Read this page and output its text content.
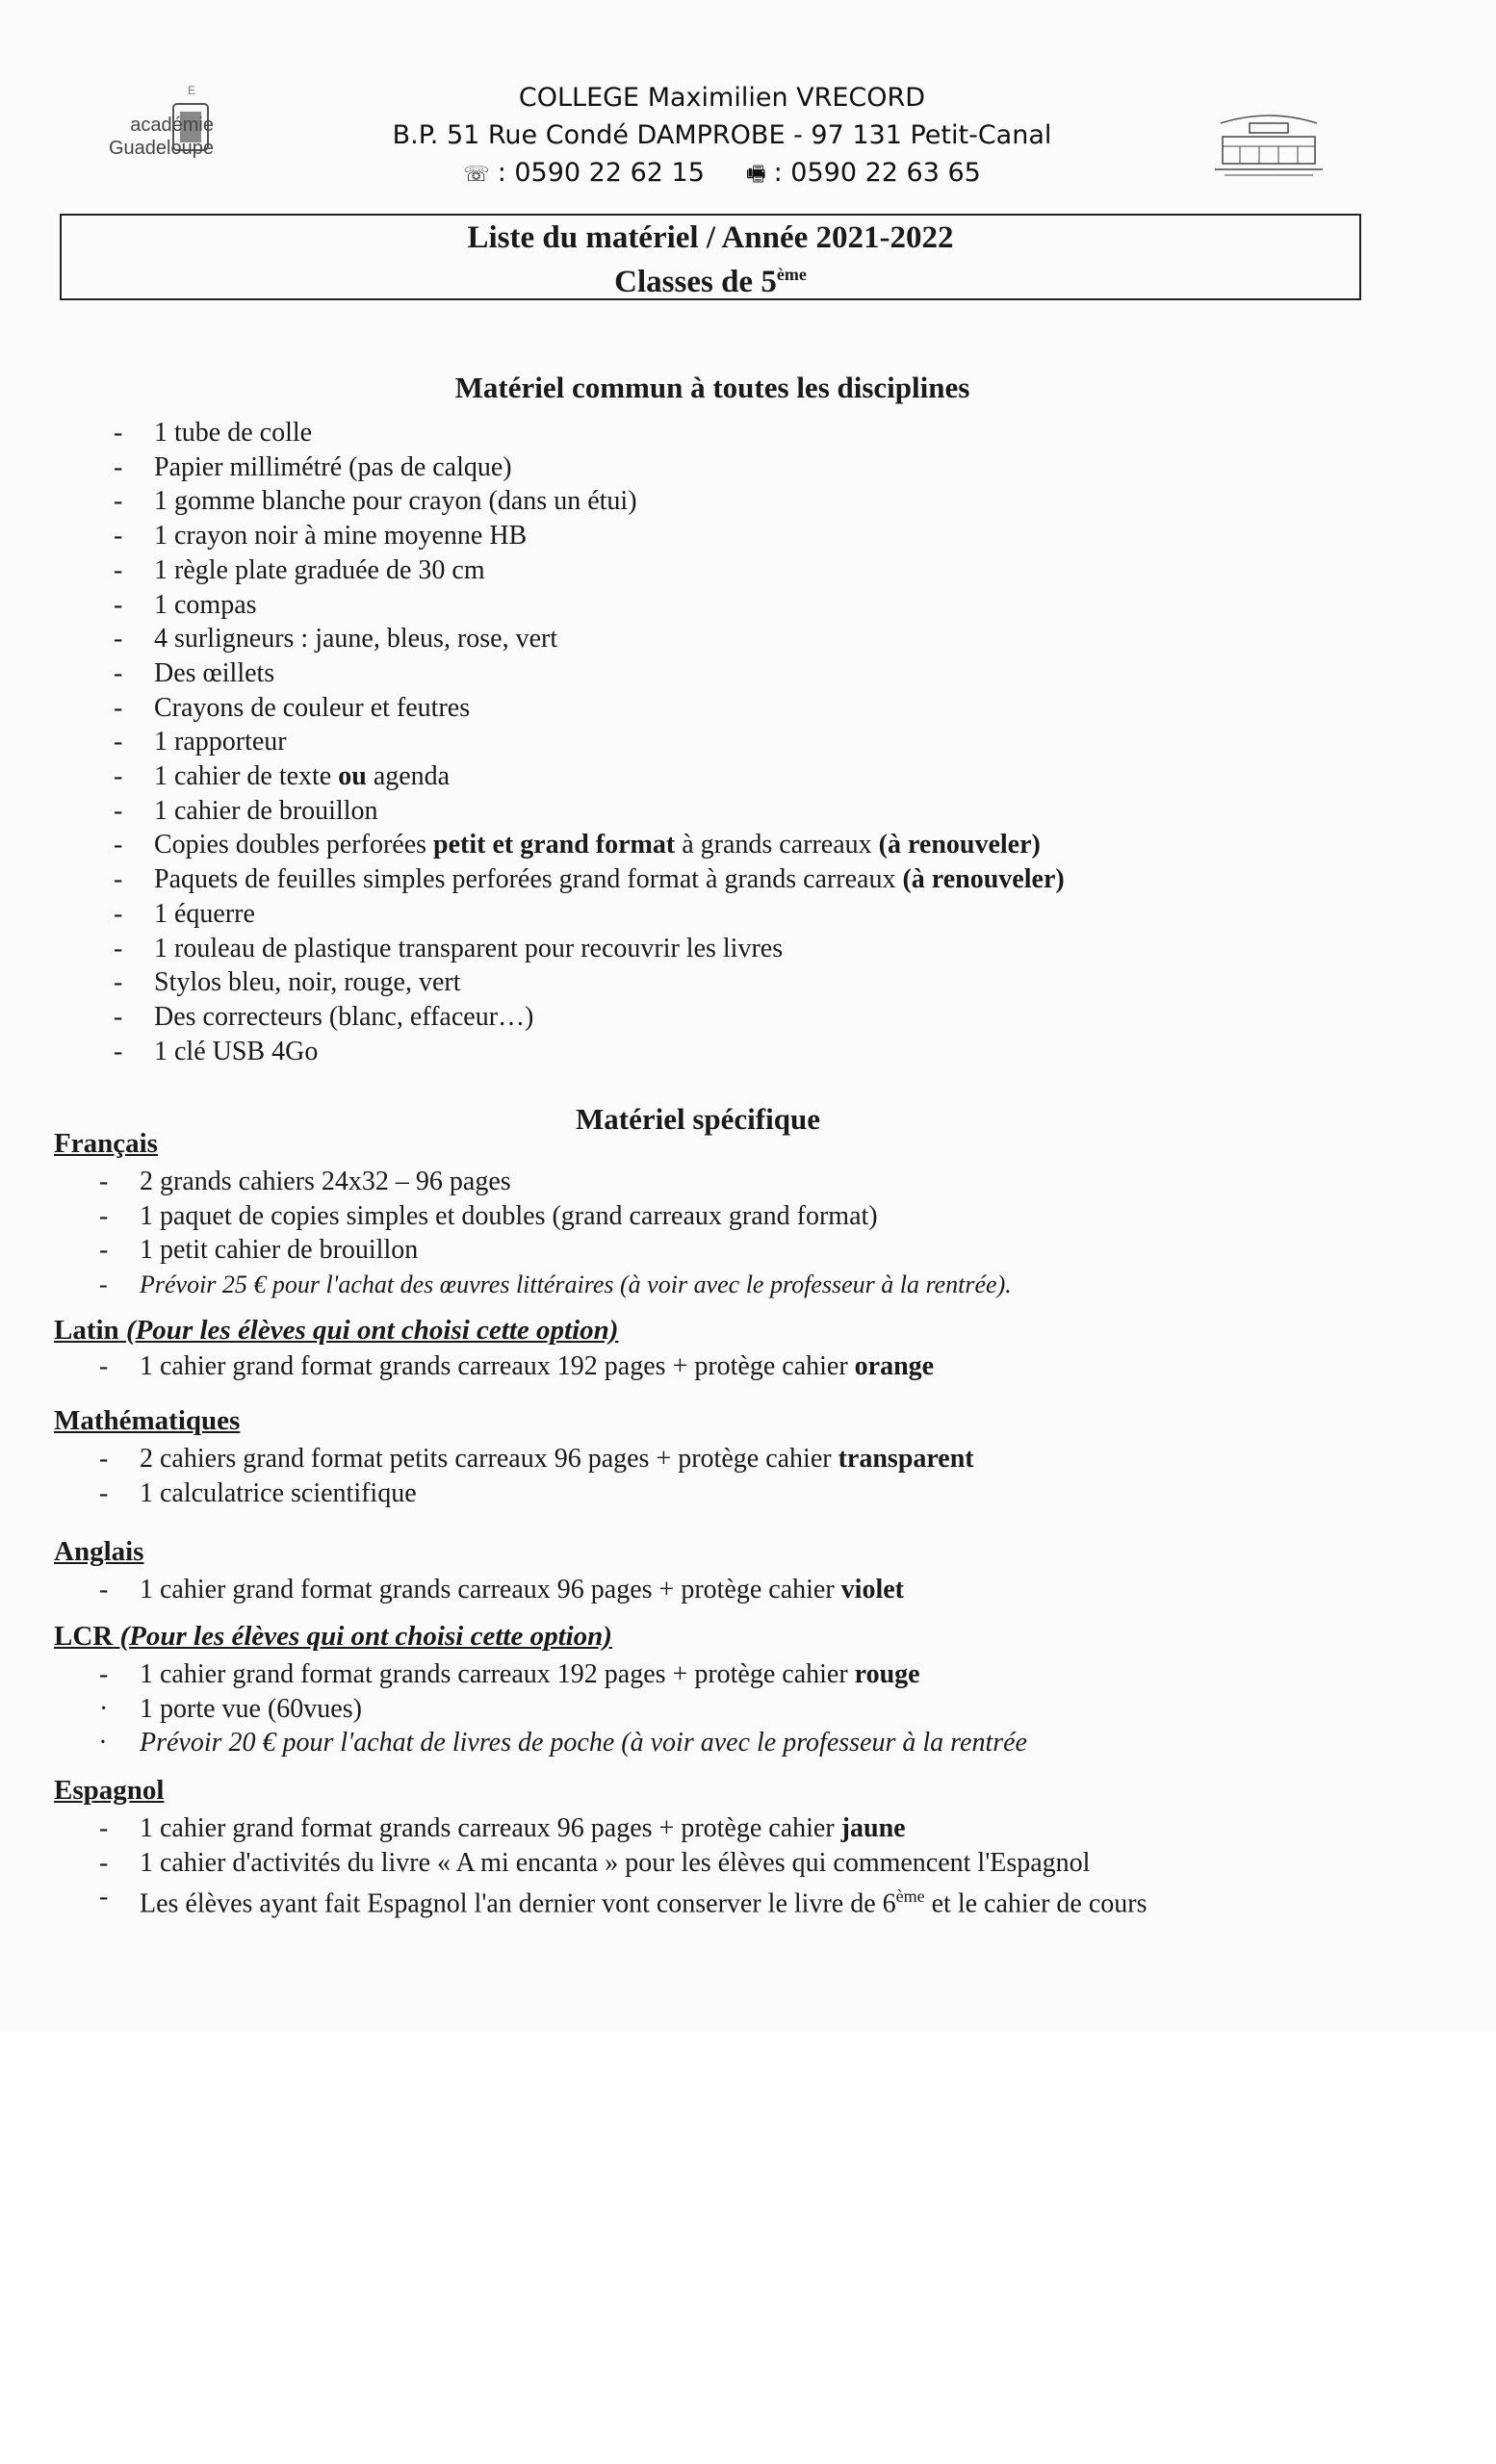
E
académie
Guadeloupe
COLLEGE Maximilien VRECORD
B.P. 51 Rue Condé DAMPROBE - 97 131 Petit-Canal
☏ : 0590 22 62 15 🖷 : 0590 22 63 65
Liste du matériel / Année 2021-2022
Classes de 5ème
Matériel commun à toutes les disciplines
- 1 tube de colle
- Papier millimétré (pas de calque)
- 1 gomme blanche pour crayon (dans un étui)
- 1 crayon noir à mine moyenne HB
- 1 règle plate graduée de 30 cm
- 1 compas
- 4 surligneurs : jaune, bleus, rose, vert
- Des œillets
- Crayons de couleur et feutres
- 1 rapporteur
- 1 cahier de texte ou agenda
- 1 cahier de brouillon
- Copies doubles perforées petit et grand format à grands carreaux (à renouveler)
- Paquets de feuilles simples perforées grand format à grands carreaux (à renouveler)
- 1 équerre
- 1 rouleau de plastique transparent pour recouvrir les livres
- Stylos bleu, noir, rouge, vert
- Des correcteurs (blanc, effaceur…)
- 1 clé USB 4Go
Matériel spécifique
Français
- 2 grands cahiers 24x32 – 96 pages
- 1 paquet de copies simples et doubles (grand carreaux grand format)
- 1 petit cahier de brouillon
- Prévoir 25 € pour l'achat des œuvres littéraires (à voir avec le professeur à la rentrée).
Latin (Pour les élèves qui ont choisi cette option)
- 1 cahier grand format grands carreaux 192 pages + protège cahier orange
Mathématiques
- 2 cahiers grand format petits carreaux 96 pages + protège cahier transparent
- 1 calculatrice scientifique
Anglais
- 1 cahier grand format grands carreaux 96 pages + protège cahier violet
LCR (Pour les élèves qui ont choisi cette option)
- 1 cahier grand format grands carreaux 192 pages + protège cahier rouge
· 1 porte vue (60vues)
· Prévoir 20 € pour l'achat de livres de poche (à voir avec le professeur à la rentrée
Espagnol
- 1 cahier grand format grands carreaux 96 pages + protège cahier jaune
- 1 cahier d'activités du livre « A mi encanta » pour les élèves qui commencent l'Espagnol
- Les élèves ayant fait Espagnol l'an dernier vont conserver le livre de 6ème et le cahier de cours
